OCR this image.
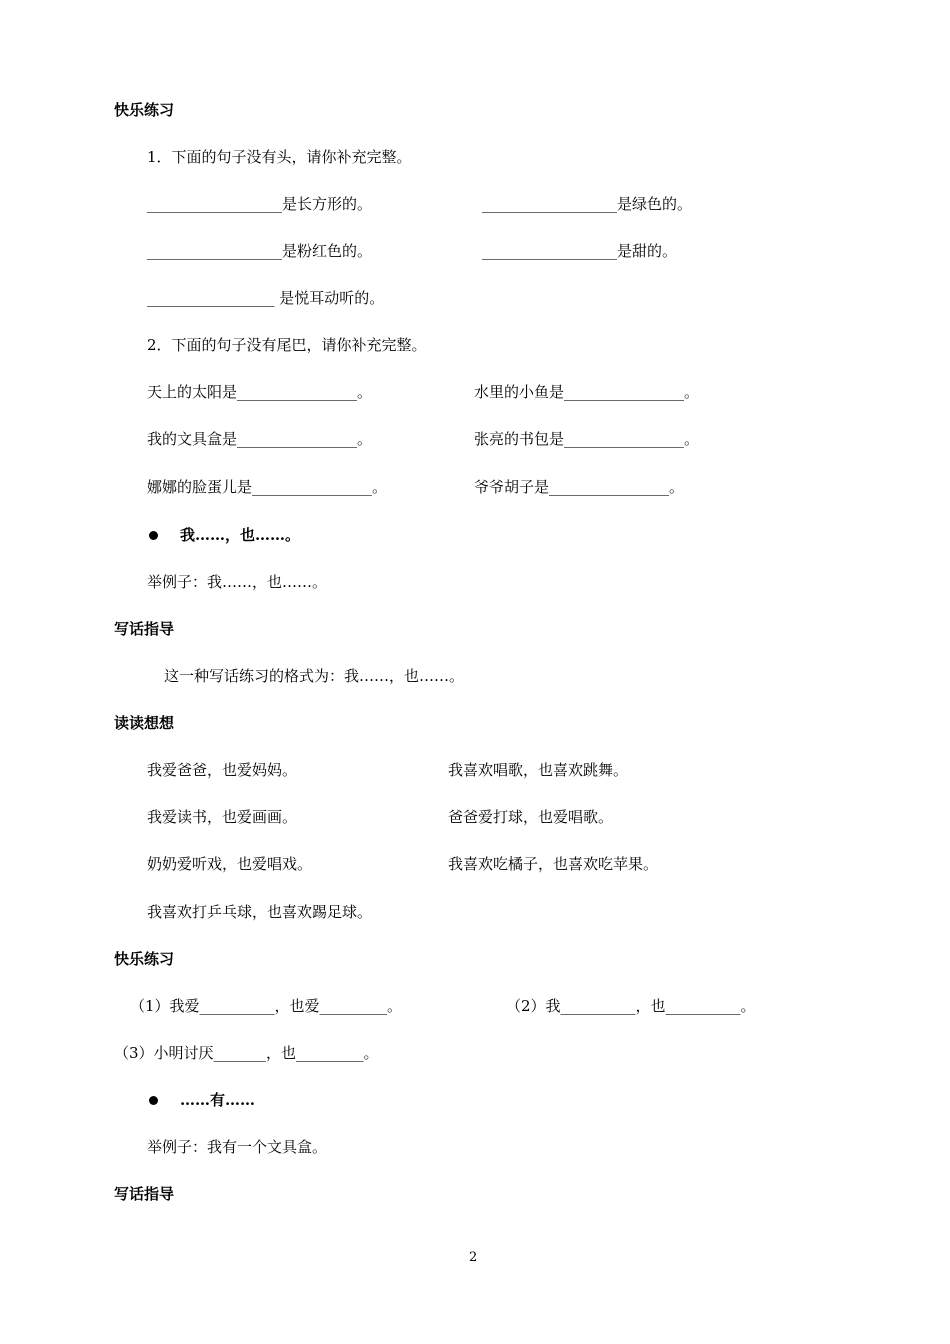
快乐练习
1．下面的句子没有头，请你补充完整。
__________________是长方形的。	__________________是绿色的。
__________________是粉红色的。	__________________是甜的。
_________________ 是悦耳动听的。
2．下面的句子没有尾巴，请你补充完整。
天上的太阳是________________。	水里的小鱼是________________。
我的文具盒是________________。	张亮的书包是________________。
娜娜的脸蛋儿是________________。	爷爷胡子是________________。
我……，也……。
举例子：我……，也……。
写话指导
这一种写话练习的格式为：我……，也……。
读读想想
我爱爸爸，也爱妈妈。	我喜欢唱歌，也喜欢跳舞。
我爱读书，也爱画画。	爸爸爱打球，也爱唱歌。
奶奶爱听戏，也爱唱戏。	我喜欢吃橘子，也喜欢吃苹果。
我喜欢打乒乓球，也喜欢踢足球。
快乐练习
（1）我爱__________，也爱_________。	（2）我__________，也__________。
（3）小明讨厌_______，也_________。
……有……
举例子：我有一个文具盒。
写话指导
2
